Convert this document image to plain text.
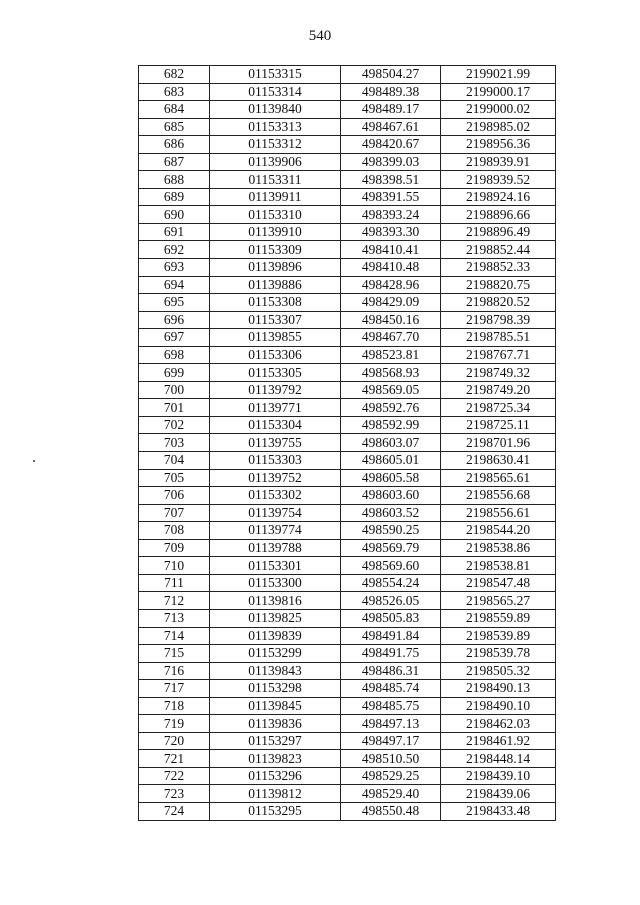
540
682	01153315	498504.27	2199021.99
683	01153314	498489.38	2199000.17
684	01139840	498489.17	2199000.02
685	01153313	498467.61	2198985.02
686	01153312	498420.67	2198956.36
687	01139906	498399.03	2198939.91
688	01153311	498398.51	2198939.52
689	01139911	498391.55	2198924.16
690	01153310	498393.24	2198896.66
691	01139910	498393.30	2198896.49
692	01153309	498410.41	2198852.44
693	01139896	498410.48	2198852.33
694	01139886	498428.96	2198820.75
695	01153308	498429.09	2198820.52
696	01153307	498450.16	2198798.39
697	01139855	498467.70	2198785.51
698	01153306	498523.81	2198767.71
699	01153305	498568.93	2198749.32
700	01139792	498569.05	2198749.20
701	01139771	498592.76	2198725.34
702	01153304	498592.99	2198725.11
703	01139755	498603.07	2198701.96
704	01153303	498605.01	2198630.41
705	01139752	498605.58	2198565.61
706	01153302	498603.60	2198556.68
707	01139754	498603.52	2198556.61
708	01139774	498590.25	2198544.20
709	01139788	498569.79	2198538.86
710	01153301	498569.60	2198538.81
711	01153300	498554.24	2198547.48
712	01139816	498526.05	2198565.27
713	01139825	498505.83	2198559.89
714	01139839	498491.84	2198539.89
715	01153299	498491.75	2198539.78
716	01139843	498486.31	2198505.32
717	01153298	498485.74	2198490.13
718	01139845	498485.75	2198490.10
719	01139836	498497.13	2198462.03
720	01153297	498497.17	2198461.92
721	01139823	498510.50	2198448.14
722	01153296	498529.25	2198439.10
723	01139812	498529.40	2198439.06
724	01153295	498550.48	2198433.48
